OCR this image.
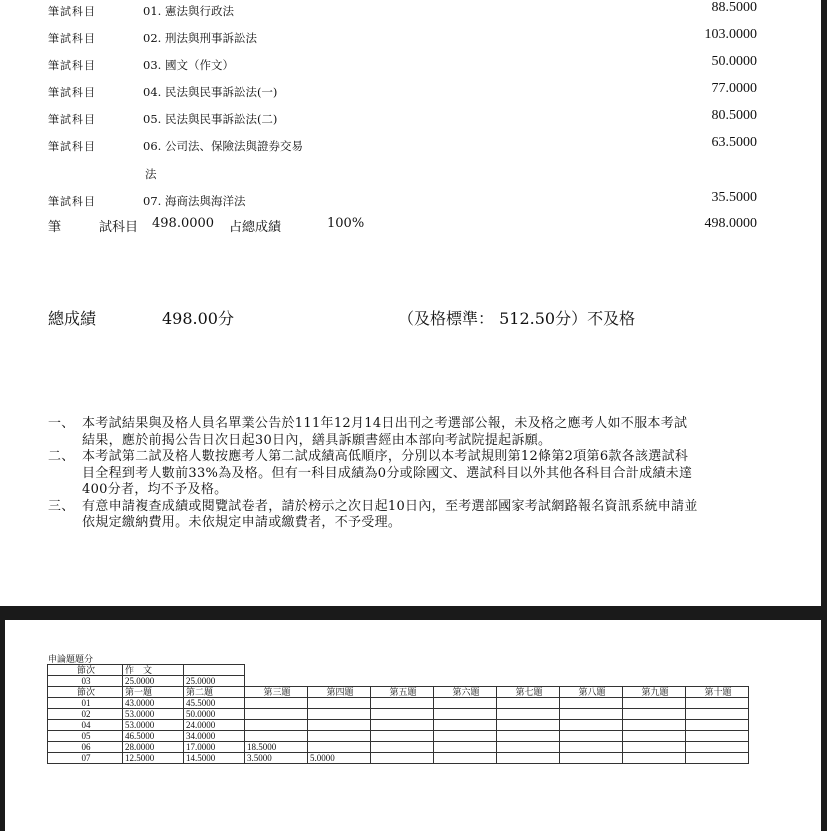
筆試科目	01. 憲法與行政法	88.5000
筆試科目	02. 刑法與刑事訴訟法	103.0000
筆試科目	03. 國文（作文）	50.0000
筆試科目	04. 民法與民事訴訟法(一)	77.0000
筆試科目	05. 民法與民事訴訟法(二)	80.5000
筆試科目	06. 公司法、保險法與證券交易	63.5000
筆試科目	07. 海商法與海洋法	35.5000
法
筆	試科目 498.0000 占總成績	100%	498.0000
總成績	498.00分	（及格標準： 512.50分）不及格
一、 本考試結果與及格人員名單業公告於111年12月14日出刊之考選部公報，未及格之應考人如不服本考試結果，應於前揭公告日次日起30日內，繕具訴願書經由本部向考試院提起訴願。
二、 本考試第二試及格人數按應考人第二試成績高低順序，分別以本考試規則第12條第2項第6款各該選試科目全程到考人數前33%為及格。但有一科目成績為0分或除國文、選試科目以外其他各科目合計成績未達400分者，均不予及格。
三、 有意申請複查成績或閱覽試卷者，請於榜示之次日起10日內，至考選部國家考試網路報名資訊系統申請並依規定繳納費用。未依規定申請或繳費者，不予受理。
申論題題分
節次	作　文									
03	25.0000	25.0000								
節次	第一題	第二題	第三題	第四題	第五題	第六題	第七題	第八題	第九題	第十題
01	43.0000	45.5000								
02	53.0000	50.0000								
04	53.0000	24.0000								
05	46.5000	34.0000								
06	28.0000	17.0000	18.5000							
07	12.5000	14.5000	3.5000	5.0000						
